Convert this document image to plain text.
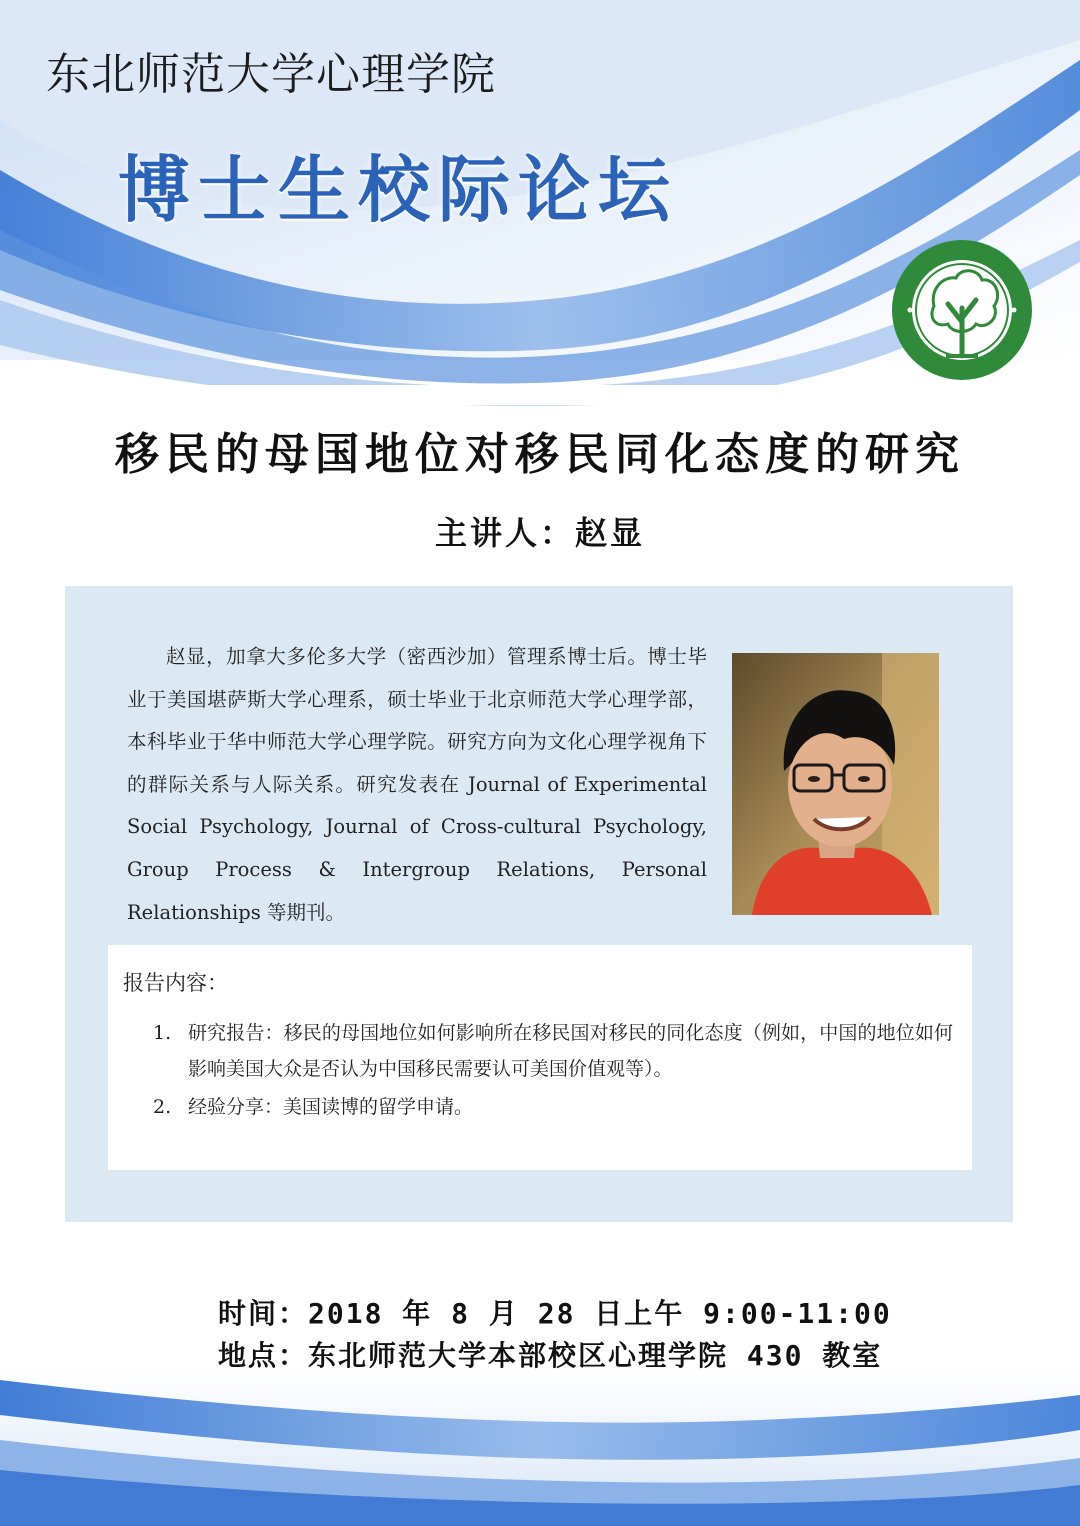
东北师范大学心理学院
博士生校际论坛
移民的母国地位对移民同化态度的研究
主讲人：赵显

赵显，加拿大多伦多大学（密西沙加）管理系博士后。博士毕业于美国堪萨斯大学心理系，硕士毕业于北京师范大学心理学部，本科毕业于华中师范大学心理学院。研究方向为文化心理学视角下的群际关系与人际关系。研究发表在 Journal of Experimental Social Psychology, Journal of Cross-cultural Psychology, Group Process & Intergroup Relations, Personal Relationships 等期刊。

报告内容：
1. 研究报告：移民的母国地位如何影响所在移民国对移民的同化态度（例如，中国的地位如何影响美国大众是否认为中国移民需要认可美国价值观等）。
2. 经验分享：美国读博的留学申请。
时间：2018 年 8 月 28 日上午 9:00-11:00
地点：东北师范大学本部校区心理学院 430 教室
